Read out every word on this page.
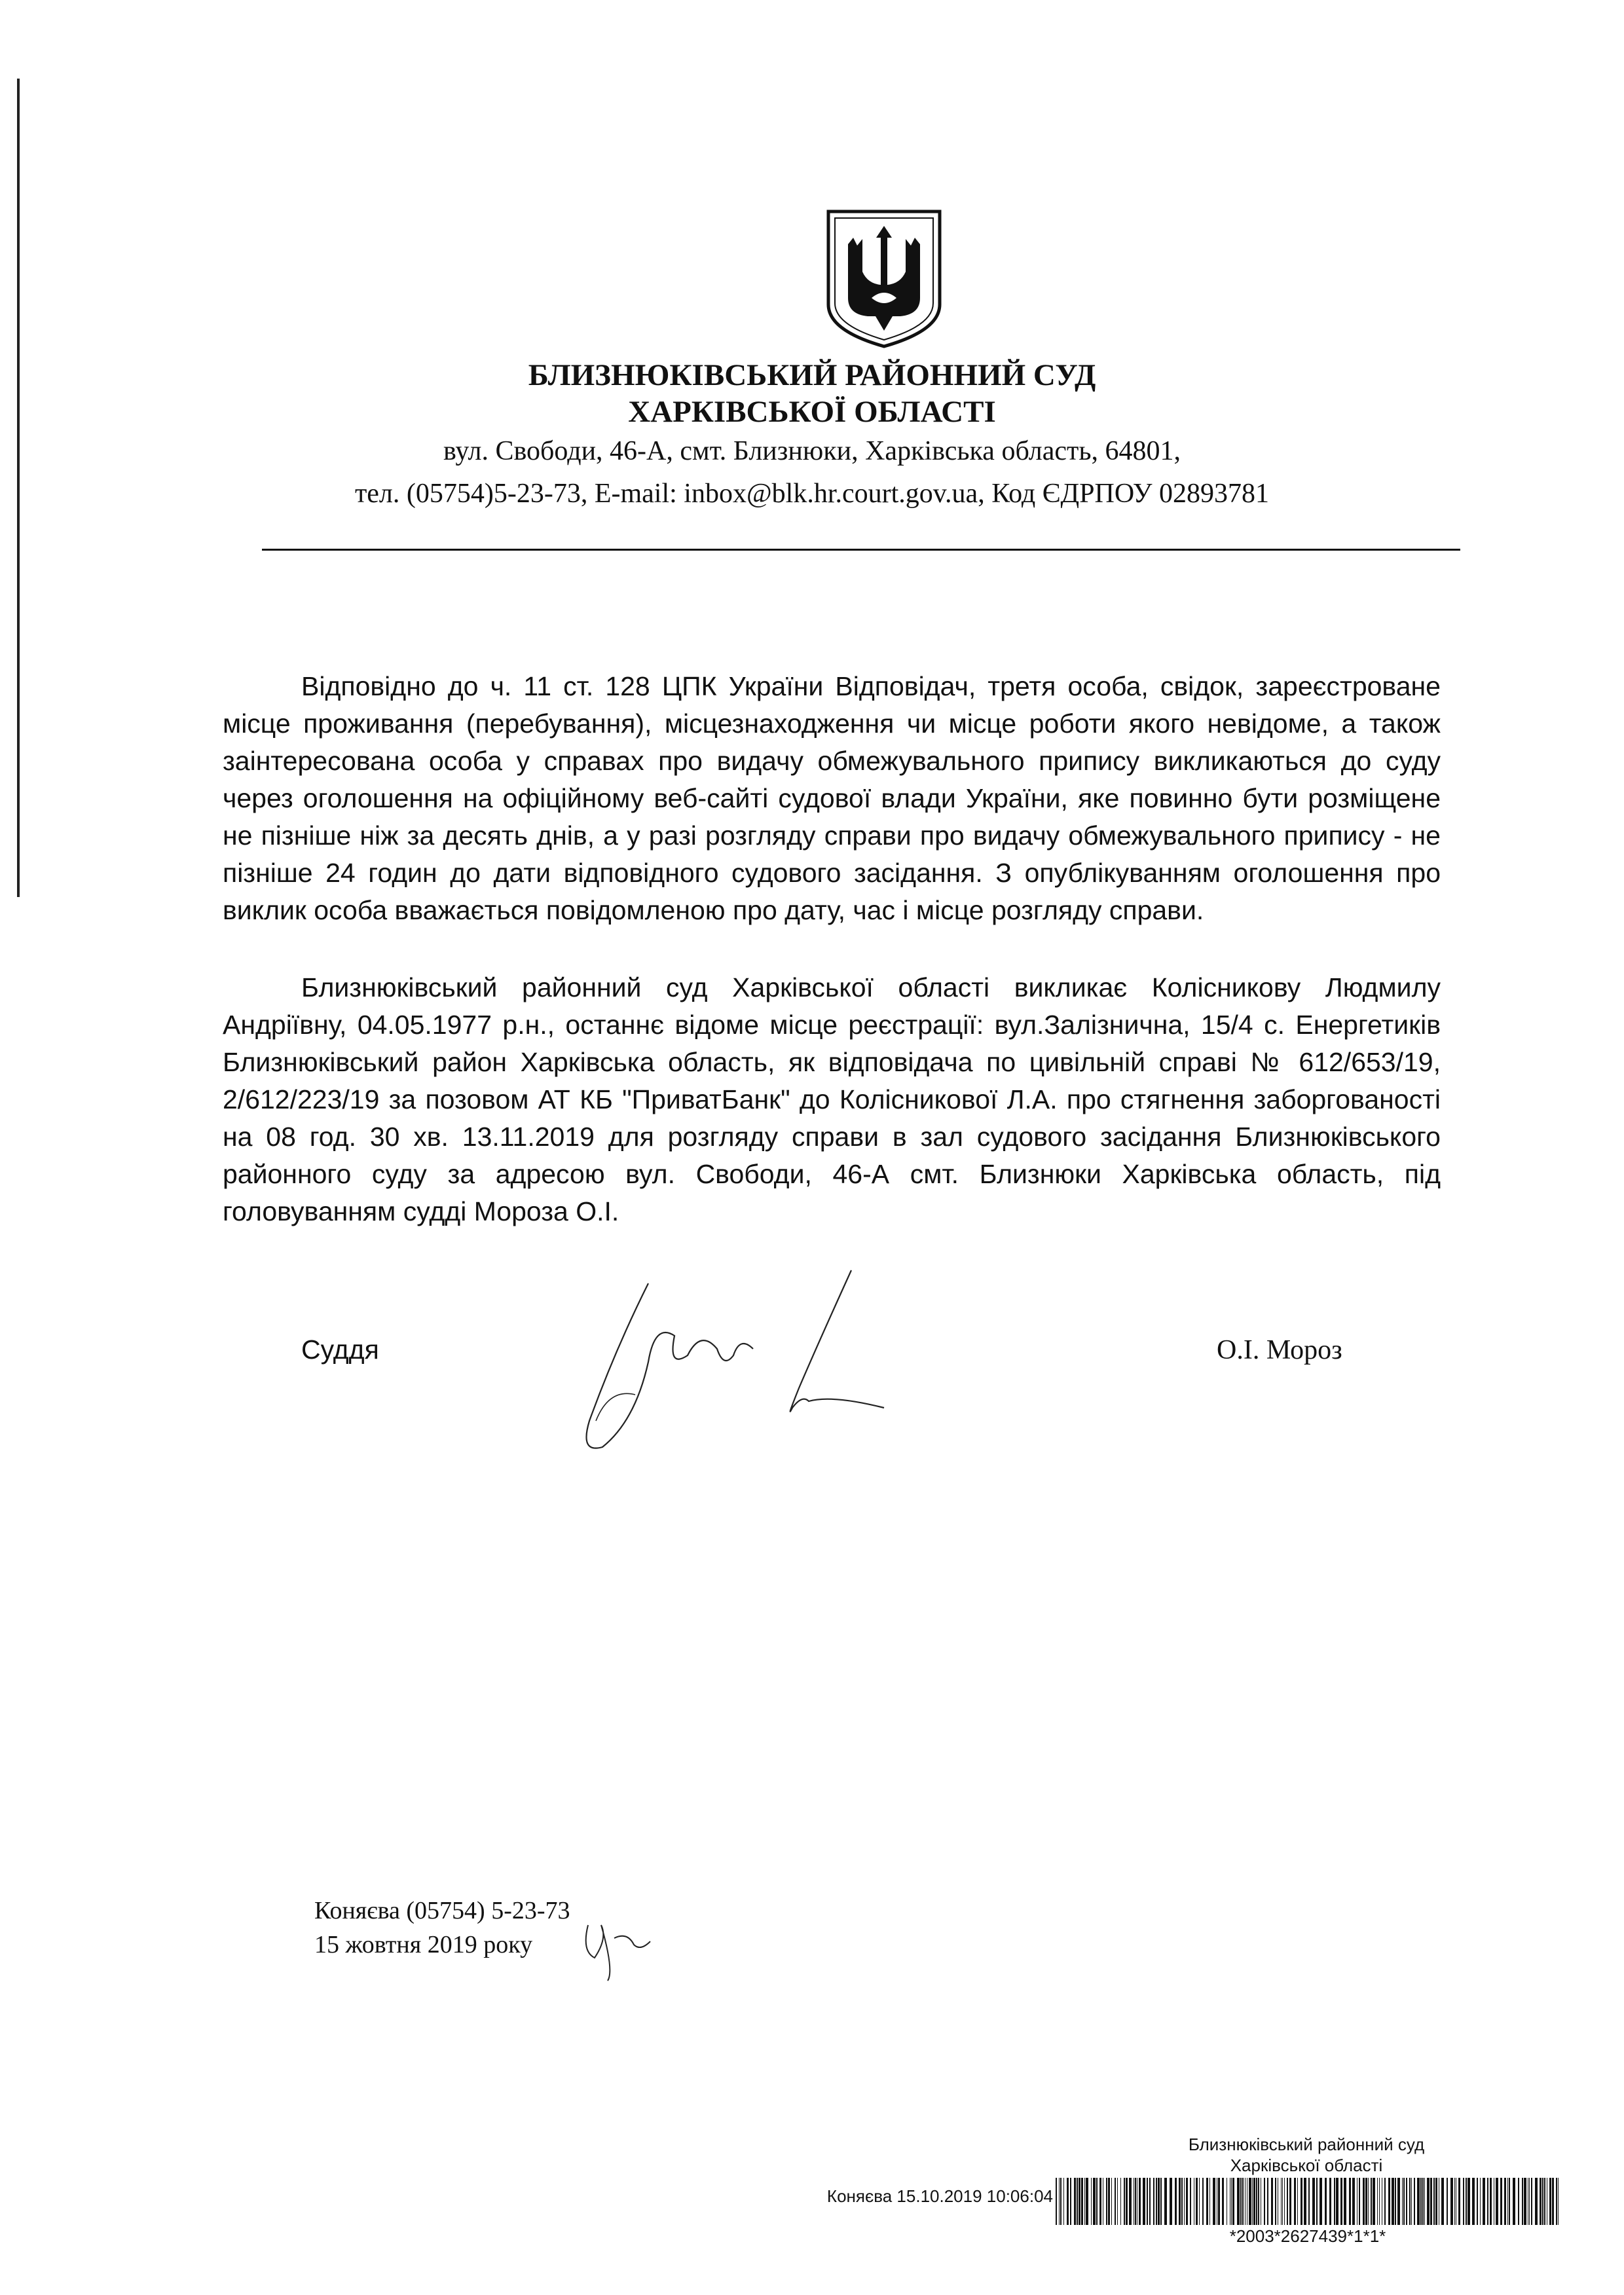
БЛИЗНЮКІВСЬКИЙ РАЙОННИЙ СУД
ХАРКІВСЬКОЇ ОБЛАСТІ
вул. Свободи, 46-А, смт. Близнюки, Харківська область, 64801,
тел. (05754)5-23-73, E-mail: inbox@blk.hr.court.gov.ua, Код ЄДРПОУ 02893781
Відповідно до ч. 11 ст. 128 ЦПК України Відповідач, третя особа, свідок, зареєстроване місце проживання (перебування), місцезнаходження чи місце роботи якого невідоме, а також заінтересована особа у справах про видачу обмежувального припису викликаються до суду через оголошення на офіційному веб-сайті судової влади України, яке повинно бути розміщене не пізніше ніж за десять днів, а у разі розгляду справи про видачу обмежувального припису - не пізніше 24 годин до дати відповідного судового засідання. З опублікуванням оголошення про виклик особа вважається повідомленою про дату, час і місце розгляду справи.
Близнюківський районний суд Харківської області викликає Колісникову Людмилу Андріївну, 04.05.1977 р.н., останнє відоме місце реєстрації: вул.Залізнична, 15/4 с. Енергетиків Близнюківський район Харківська область, як відповідача по цивільній справі № 612/653/19, 2/612/223/19 за позовом АТ КБ "ПриватБанк" до Колісникової Л.А. про стягнення заборгованості на 08 год. 30 хв. 13.11.2019 для розгляду справи в зал судового засідання Близнюківського районного суду за адресою вул. Свободи, 46-А смт. Близнюки Харківська область, під головуванням судді Мороза О.І.
Суддя	О.І. Мороз
Коняєва (05754) 5-23-73
15 жовтня 2019 року
Близнюківський районний суд
Харківської області
Коняєва 15.10.2019 10:06:04
*2003*2627439*1*1*
